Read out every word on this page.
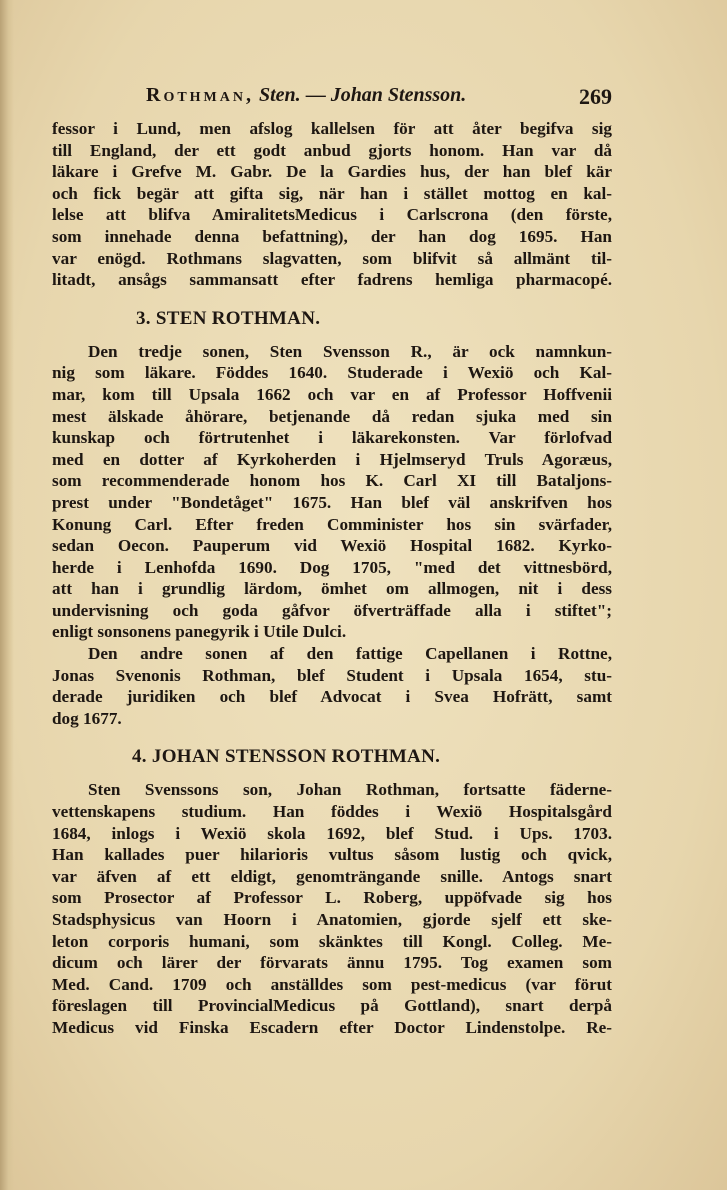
Rothman, Sten. — Johan Stensson.	269
fessor i Lund, men afslog kallelsen för att åter begifva sig
till England, der ett godt anbud gjorts honom. Han var då
läkare i Grefve M. Gabr. De la Gardies hus, der han blef kär
och fick begär att gifta sig, när han i stället mottog en kal-
lelse att blifva AmiralitetsMedicus i Carlscrona (den förste,
som innehade denna befattning), der han dog 1695. Han
var enögd. Rothmans slagvatten, som blifvit så allmänt til-
litadt, ansågs sammansatt efter fadrens hemliga pharmacopé.
3. STEN ROTHMAN.
Den tredje sonen, Sten Svensson R., är ock namnkun-
nig som läkare. Föddes 1640. Studerade i Wexiö och Kal-
mar, kom till Upsala 1662 och var en af Professor Hoffvenii
mest älskade åhörare, betjenande då redan sjuka med sin
kunskap och förtrutenhet i läkarekonsten. Var förlofvad
med en dotter af Kyrkoherden i Hjelmseryd Truls Agoræus,
som recommenderade honom hos K. Carl XI till Bataljons-
prest under "Bondetåget" 1675. Han blef väl anskrifven hos
Konung Carl. Efter freden Comminister hos sin svärfader,
sedan Oecon. Pauperum vid Wexiö Hospital 1682. Kyrko-
herde i Lenhofda 1690. Dog 1705, "med det vittnesbörd,
att han i grundlig lärdom, ömhet om allmogen, nit i dess
undervisning och goda gåfvor öfverträffade alla i stiftet";
enligt sonsonens panegyrik i Utile Dulci.
Den andre sonen af den fattige Capellanen i Rottne,
Jonas Svenonis Rothman, blef Student i Upsala 1654, stu-
derade juridiken och blef Advocat i Svea Hofrätt, samt
dog 1677.
4. JOHAN STENSSON ROTHMAN.
Sten Svenssons son, Johan Rothman, fortsatte fäderne-
vettenskapens studium. Han föddes i Wexiö Hospitalsgård
1684, inlogs i Wexiö skola 1692, blef Stud. i Ups. 1703.
Han kallades puer hilarioris vultus såsom lustig och qvick,
var äfven af ett eldigt, genomträngande snille. Antogs snart
som Prosector af Professor L. Roberg, uppöfvade sig hos
Stadsphysicus van Hoorn i Anatomien, gjorde sjelf ett ske-
leton corporis humani, som skänktes till Kongl. Colleg. Me-
dicum och lärer der förvarats ännu 1795. Tog examen som
Med. Cand. 1709 och anställdes som pest-medicus (var förut
föreslagen till ProvincialMedicus på Gottland), snart derpå
Medicus vid Finska Escadern efter Doctor Lindenstolpe. Re-
